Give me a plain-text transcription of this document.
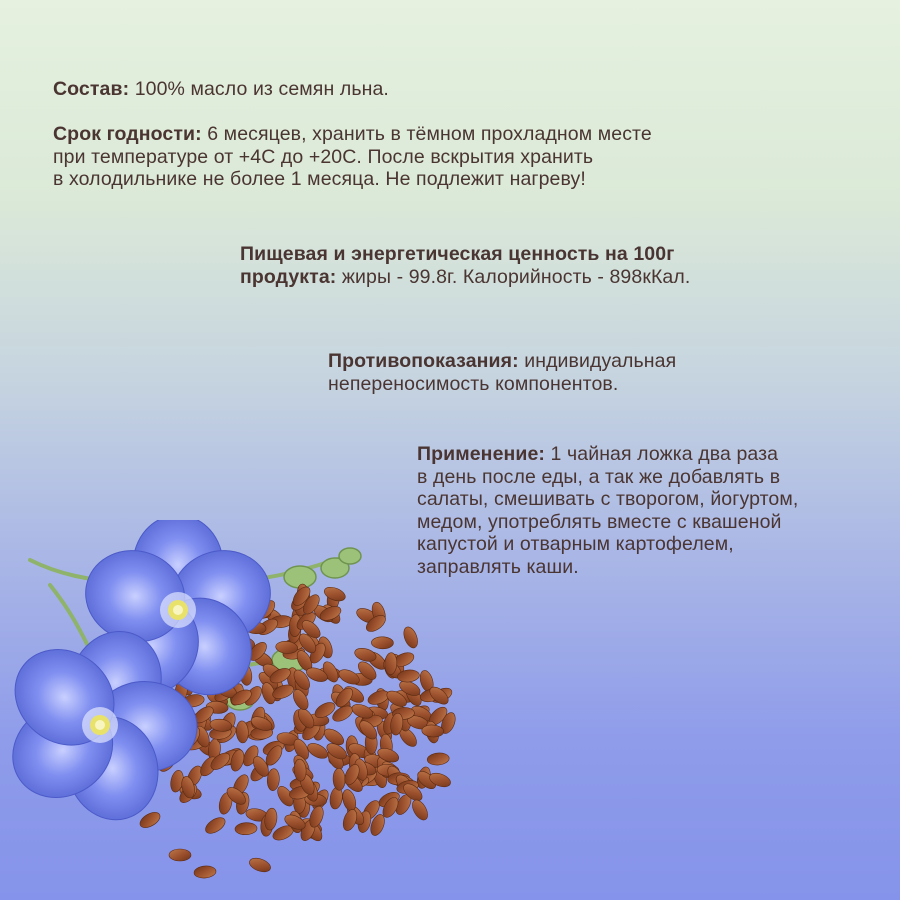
Состав: 100% масло из семян льна.
Срок годности: 6 месяцев, хранить в тёмном прохладном месте
при температуре от +4С до +20С. После вскрытия хранить
в холодильнике не более 1 месяца. Не подлежит нагреву!
Пищевая и энергетическая ценность на 100г
продукта: жиры - 99.8г. Калорийность - 898кКал.
Противопоказания: индивидуальная
непереносимость компонентов.
Применение: 1 чайная ложка два раза
в день после еды, а так же добавлять в
салаты, смешивать с творогом, йогуртом,
медом, употреблять вместе с квашеной
капустой и отварным картофелем,
заправлять каши.
